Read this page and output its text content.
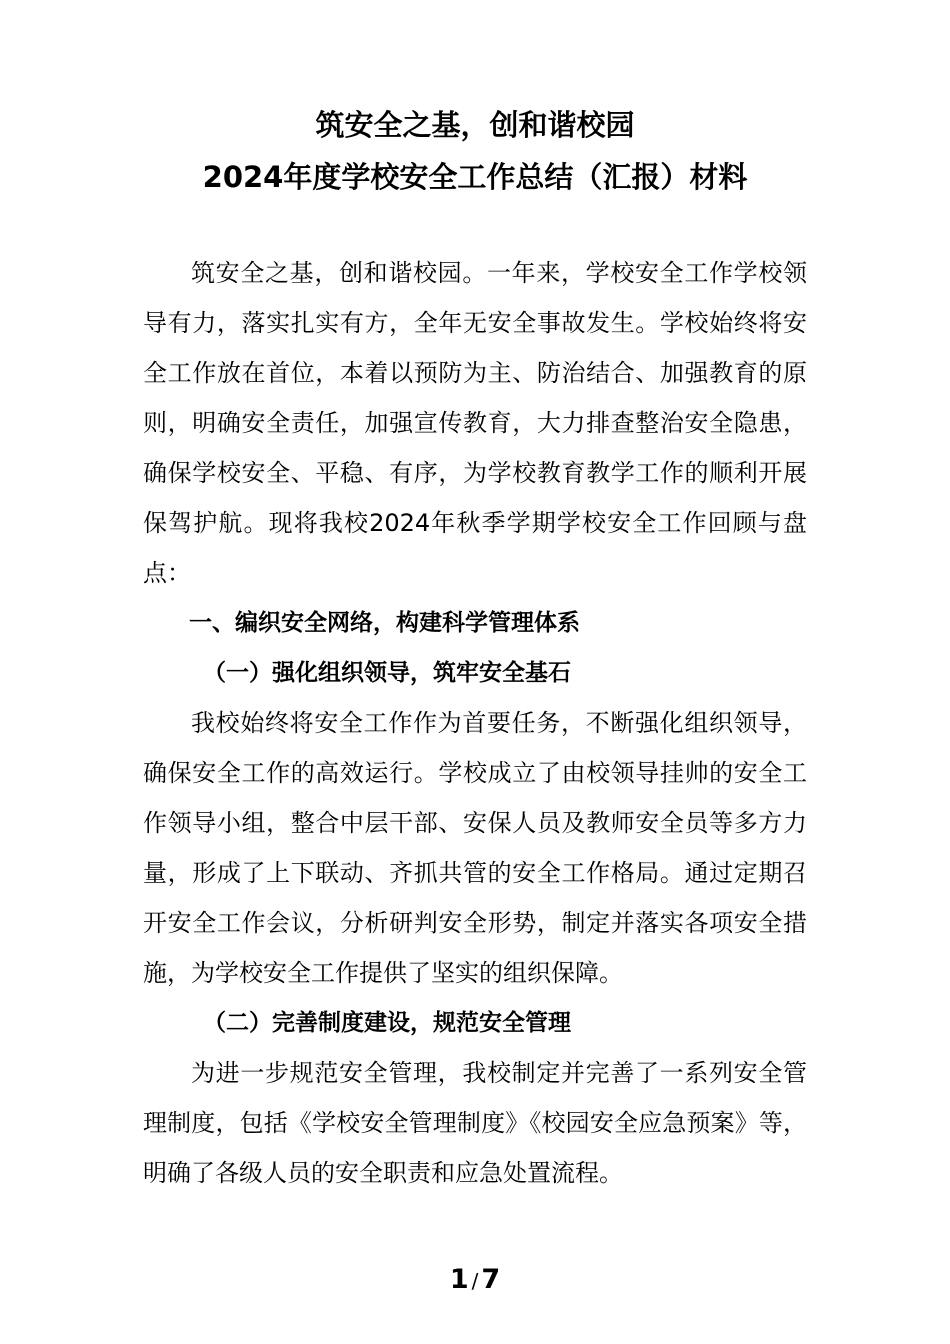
筑安全之基，创和谐校园
2024年度学校安全工作总结（汇报）材料

筑安全之基，创和谐校园。一年来，学校安全工作学校领导有力，落实扎实有方，全年无安全事故发生。学校始终将安全工作放在首位，本着以预防为主、防治结合、加强教育的原则，明确安全责任，加强宣传教育，大力排查整治安全隐患，确保学校安全、平稳、有序，为学校教育教学工作的顺利开展保驾护航。现将我校2024年秋季学期学校安全工作回顾与盘点：

一、编织安全网络，构建科学管理体系
（一）强化组织领导，筑牢安全基石

我校始终将安全工作作为首要任务，不断强化组织领导，确保安全工作的高效运行。学校成立了由校领导挂帅的安全工作领导小组，整合中层干部、安保人员及教师安全员等多方力量，形成了上下联动、齐抓共管的安全工作格局。通过定期召开安全工作会议，分析研判安全形势，制定并落实各项安全措施，为学校安全工作提供了坚实的组织保障。

（二）完善制度建设，规范安全管理

为进一步规范安全管理，我校制定并完善了一系列安全管理制度，包括《学校安全管理制度》《校园安全应急预案》等，明确了各级人员的安全职责和应急处置流程。

1 / 7
